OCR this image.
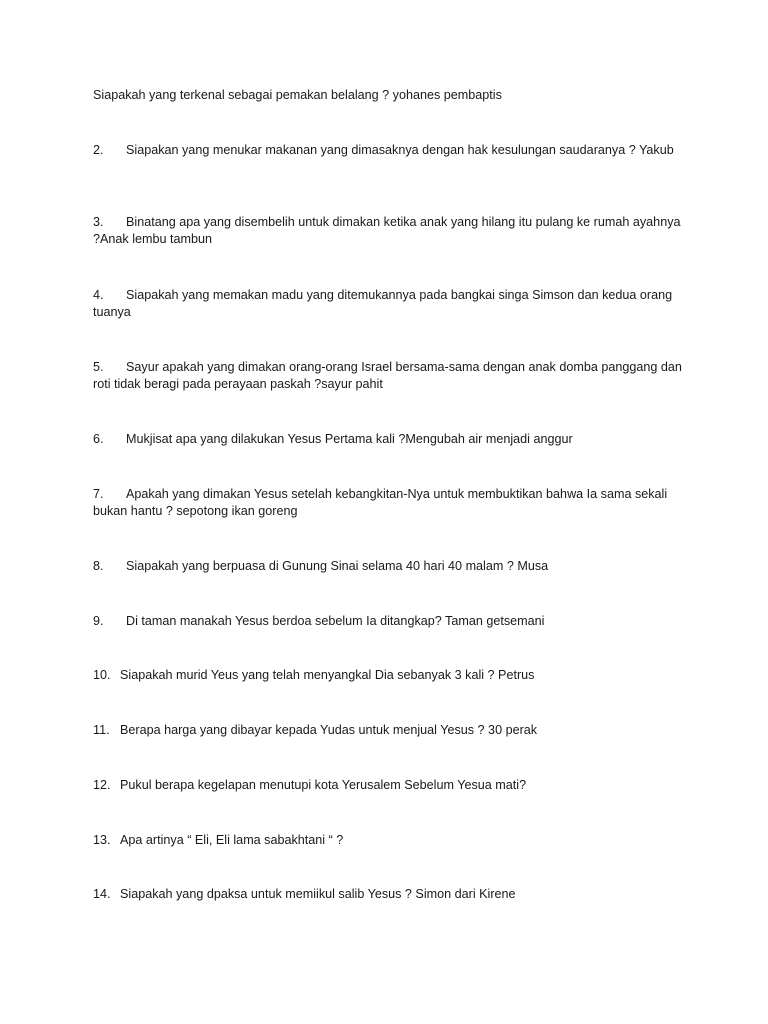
Siapakah yang terkenal sebagai pemakan belalang ? yohanes pembaptis
2. Siapakan yang menukar makanan yang dimasaknya dengan hak kesulungan saudaranya ? Yakub
3. Binatang apa yang disembelih untuk dimakan ketika anak yang hilang itu pulang ke rumah ayahnya ?Anak lembu tambun
4. Siapakah yang memakan madu yang ditemukannya pada bangkai singa Simson dan kedua orang tuanya
5. Sayur apakah yang dimakan orang-orang Israel bersama-sama dengan anak domba panggang dan roti tidak beragi pada perayaan paskah ?sayur pahit
6. Mukjisat apa yang dilakukan Yesus Pertama kali ?Mengubah air menjadi anggur
7. Apakah yang dimakan Yesus setelah kebangkitan-Nya untuk membuktikan bahwa Ia sama sekali bukan hantu ? sepotong ikan goreng
8. Siapakah yang berpuasa di Gunung Sinai selama 40 hari 40 malam ? Musa
9. Di taman manakah Yesus berdoa sebelum Ia ditangkap? Taman getsemani
10. Siapakah murid Yeus yang telah menyangkal Dia sebanyak 3 kali ? Petrus
11. Berapa harga yang dibayar kepada Yudas untuk menjual Yesus ? 30 perak
12. Pukul berapa kegelapan menutupi kota Yerusalem Sebelum Yesua mati?
13. Apa artinya “ Eli, Eli lama sabakhtani “ ?
14. Siapakah yang dpaksa untuk memiikul salib Yesus ? Simon dari Kirene
